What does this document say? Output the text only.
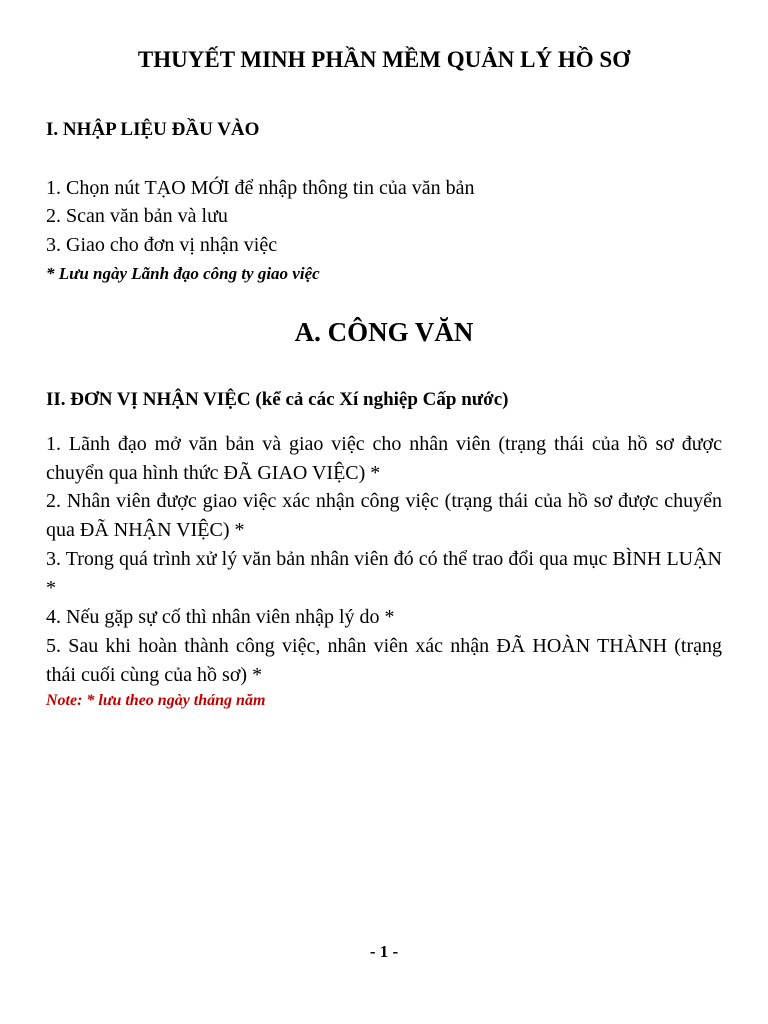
THUYẾT MINH PHẦN MỀM QUẢN LÝ HỒ SƠ
I. NHẬP LIỆU ĐẦU VÀO
1. Chọn nút TẠO MỚI để nhập thông tin của văn bản
2. Scan văn bản và lưu
3. Giao cho đơn vị nhận việc
* Lưu ngày Lãnh đạo công ty giao việc
A. CÔNG VĂN
II. ĐƠN VỊ NHẬN VIỆC (kể cả các Xí nghiệp Cấp nước)
1. Lãnh đạo mở văn bản và giao việc cho nhân viên (trạng thái của hồ sơ được chuyển qua hình thức ĐÃ GIAO VIỆC) *
2. Nhân viên được giao việc xác nhận công việc (trạng thái của hồ sơ được chuyển qua ĐÃ NHẬN VIỆC) *
3. Trong quá trình xử lý văn bản nhân viên đó có thể trao đổi qua mục BÌNH LUẬN *
4. Nếu gặp sự cố thì nhân viên nhập lý do *
5. Sau khi hoàn thành công việc, nhân viên xác nhận ĐÃ HOÀN THÀNH (trạng thái cuối cùng của hồ sơ) *
Note: * lưu theo ngày tháng năm
- 1 -
